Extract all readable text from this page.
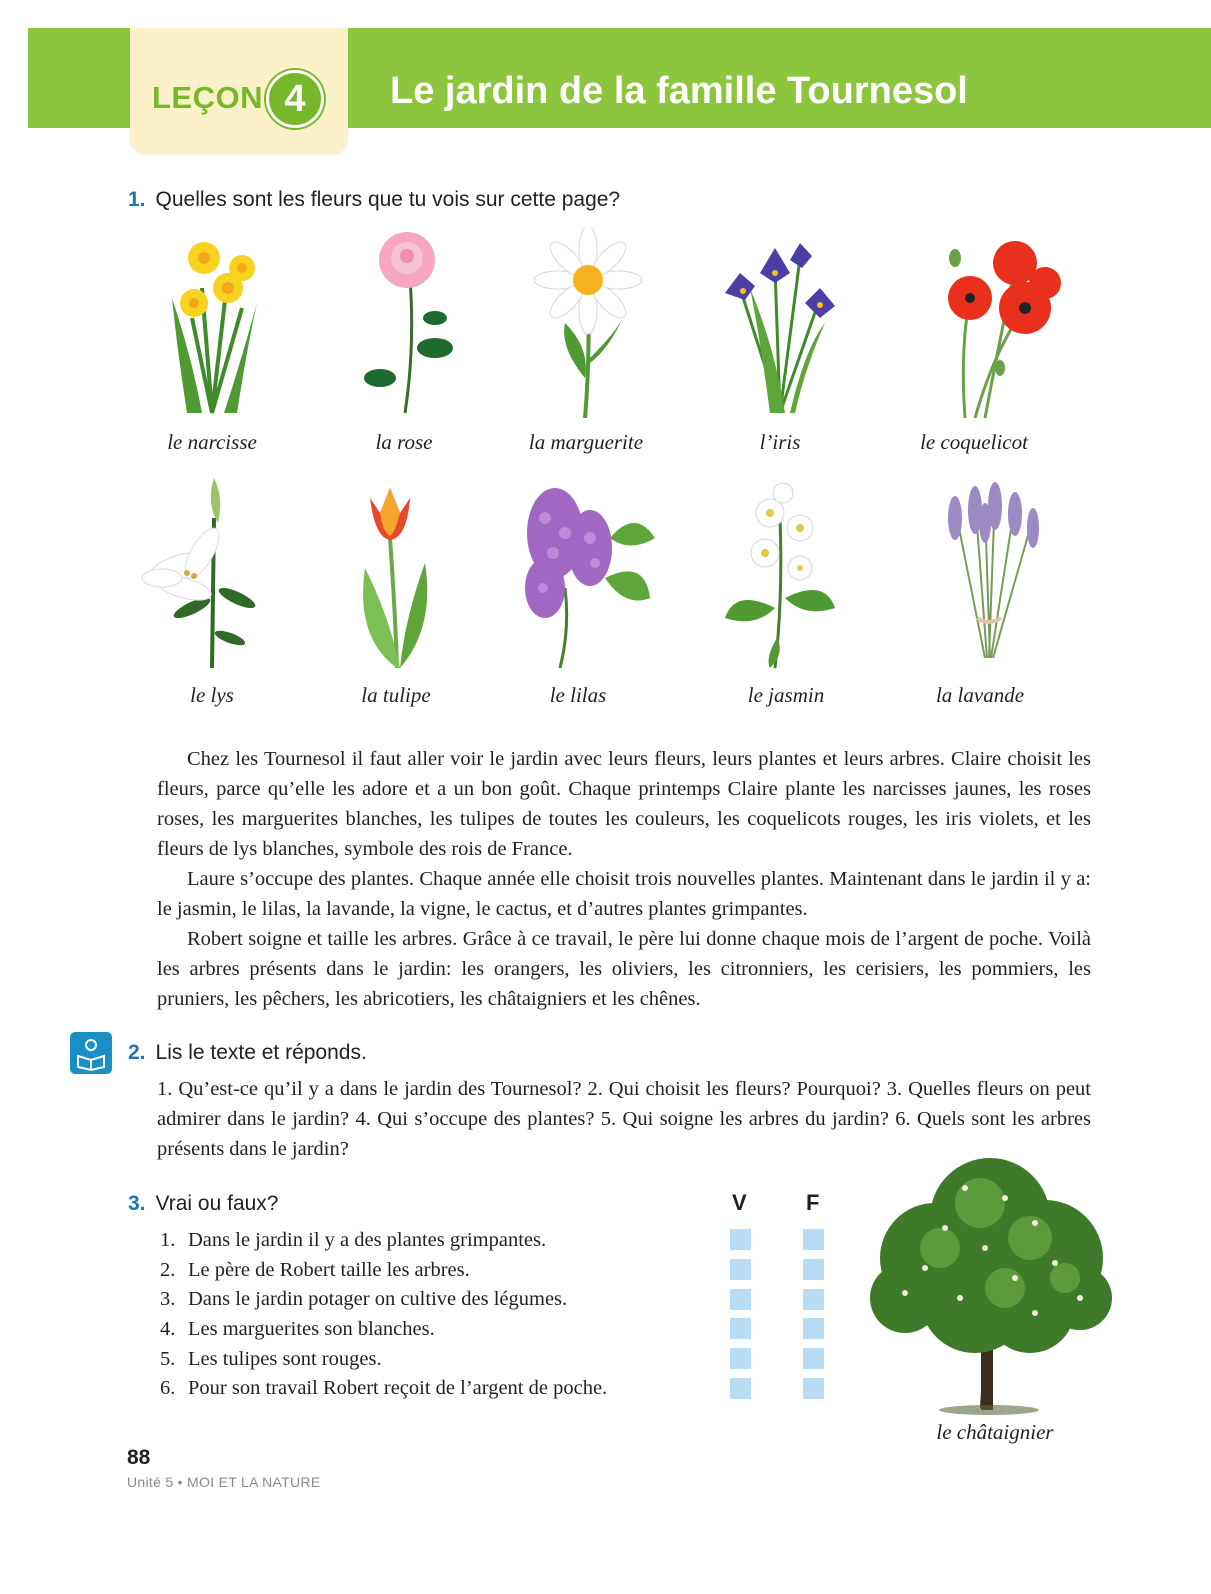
LEÇON 4	Le jardin de la famille Tournesol
1. Quelles sont les fleurs que tu vois sur cette page?
le narcisse	la rose	la marguerite	l’iris	le coquelicot
le lys	la tulipe	le lilas	le jasmin	la lavande

Chez les Tournesol il faut aller voir le jardin avec leurs fleurs, leurs plantes et leurs arbres. Claire choisit les fleurs, parce qu’elle les adore et a un bon goût. Chaque printemps Claire plante les narcisses jaunes, les roses roses, les marguerites blanches, les tulipes de toutes les couleurs, les coquelicots rouges, les iris violets, et les fleurs de lys blanches, symbole des rois de France.

Laure s’occupe des plantes. Chaque année elle choisit trois nouvelles plantes. Maintenant dans le jardin il y a: le jasmin, le lilas, la lavande, la vigne, le cactus, et d’autres plantes grimpantes.

Robert soigne et taille les arbres. Grâce à ce travail, le père lui donne chaque mois de l’argent de poche. Voilà les arbres présents dans le jardin: les orangers, les oliviers, les citronniers, les cerisiers, les pommiers, les pruniers, les pêchers, les abricotiers, les châtaigniers et les chênes.

2. Lis le texte et réponds.
1. Qu’est-ce qu’il y a dans le jardin des Tournesol? 2. Qui choisit les fleurs? Pourquoi? 3. Quelles fleurs on peut admirer dans le jardin? 4. Qui s’occupe des plantes? 5. Qui soigne les arbres du jardin? 6. Quels sont les arbres présents dans le jardin?
3. Vrai ou faux?	V	F
1. Dans le jardin il y a des plantes grimpantes.
2. Le père de Robert taille les arbres.
3. Dans le jardin potager on cultive des légumes.
4. Les marguerites son blanches.
5. Les tulipes sont rouges.
6. Pour son travail Robert reçoit de l’argent de poche.
le châtaignier
88
Unité 5 • MOI ET LA NATURE
